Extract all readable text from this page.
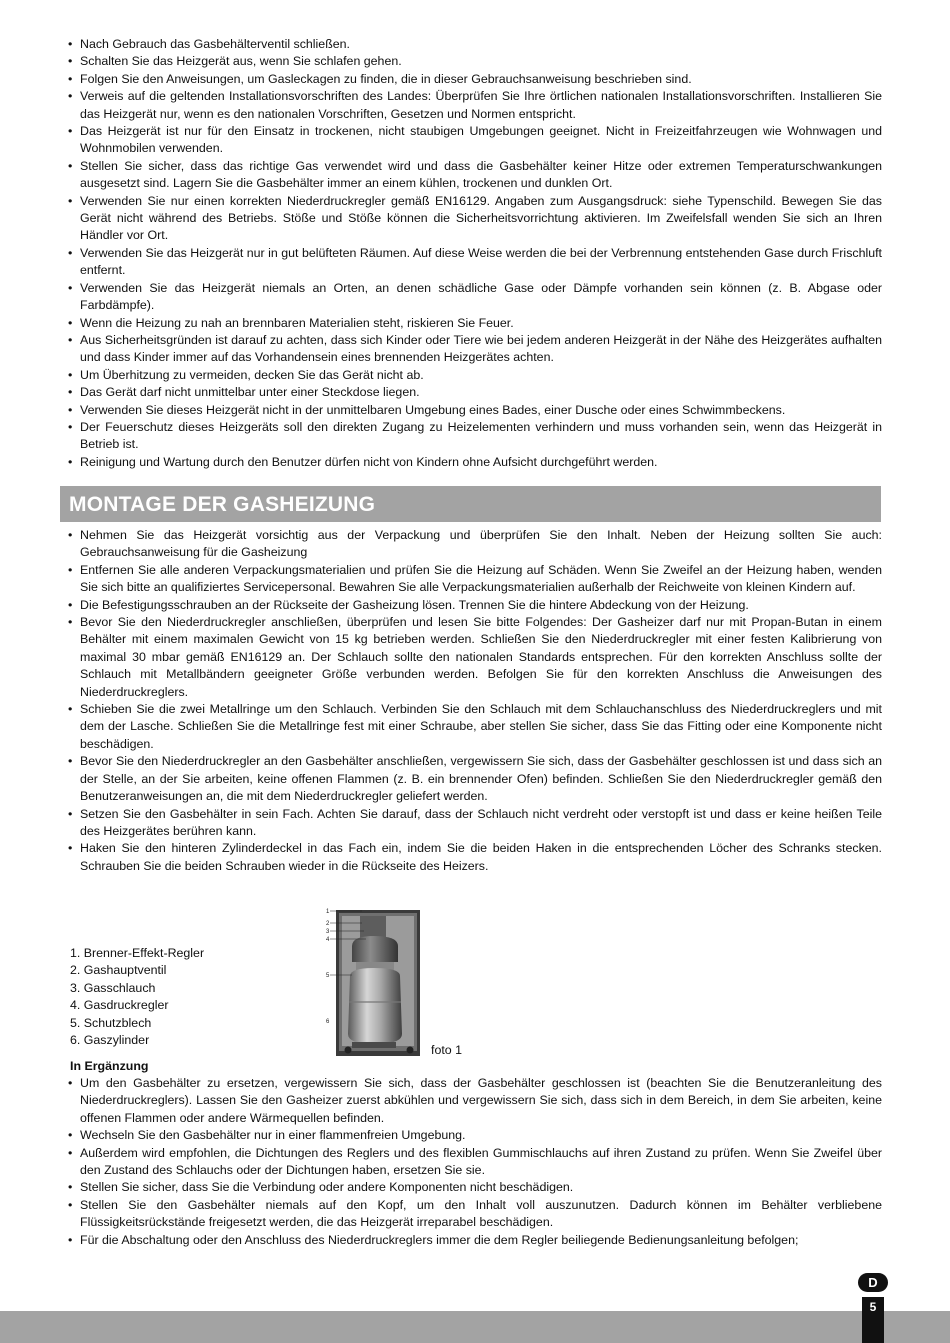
• Nach Gebrauch das Gasbehälterventil schließen.
• Schalten Sie das Heizgerät aus, wenn Sie schlafen gehen.
• Folgen Sie den Anweisungen, um Gasleckagen zu finden, die in dieser Gebrauchsanweisung beschrieben sind.
• Verweis auf die geltenden Installationsvorschriften des Landes: Überprüfen Sie Ihre örtlichen nationalen Installationsvorschriften. Installieren Sie das Heizgerät nur, wenn es den nationalen Vorschriften, Gesetzen und Normen entspricht.
• Das Heizgerät ist nur für den Einsatz in trockenen, nicht staubigen Umgebungen geeignet. Nicht in Freizeitfahrzeugen wie Wohnwagen und Wohnmobilen verwenden.
• Stellen Sie sicher, dass das richtige Gas verwendet wird und dass die Gasbehälter keiner Hitze oder extremen Temperaturschwankungen ausgesetzt sind. Lagern Sie die Gasbehälter immer an einem kühlen, trockenen und dunklen Ort.
• Verwenden Sie nur einen korrekten Niederdruckregler gemäß EN16129. Angaben zum Ausgangsdruck: siehe Typenschild. Bewegen Sie das Gerät nicht während des Betriebs. Stöße und Stöße können die Sicherheitsvorrichtung aktivieren. Im Zweifelsfall wenden Sie sich an Ihren Händler vor Ort.
• Verwenden Sie das Heizgerät nur in gut belüfteten Räumen. Auf diese Weise werden die bei der Verbrennung entstehenden Gase durch Frischluft entfernt.
• Verwenden Sie das Heizgerät niemals an Orten, an denen schädliche Gase oder Dämpfe vorhanden sein können (z. B. Abgase oder Farbdämpfe).
• Wenn die Heizung zu nah an brennbaren Materialien steht, riskieren Sie Feuer.
• Aus Sicherheitsgründen ist darauf zu achten, dass sich Kinder oder Tiere wie bei jedem anderen Heizgerät in der Nähe des Heizgerätes aufhalten und dass Kinder immer auf das Vorhandensein eines brennenden Heizgerätes achten.
• Um Überhitzung zu vermeiden, decken Sie das Gerät nicht ab.
• Das Gerät darf nicht unmittelbar unter einer Steckdose liegen.
• Verwenden Sie dieses Heizgerät nicht in der unmittelbaren Umgebung eines Bades, einer Dusche oder eines Schwimmbeckens.
• Der Feuerschutz dieses Heizgeräts soll den direkten Zugang zu Heizelementen verhindern und muss vorhanden sein, wenn das Heizgerät in Betrieb ist.
• Reinigung und Wartung durch den Benutzer dürfen nicht von Kindern ohne Aufsicht durchgeführt werden.
MONTAGE DER GASHEIZUNG
• Nehmen Sie das Heizgerät vorsichtig aus der Verpackung und überprüfen Sie den Inhalt. Neben der Heizung sollten Sie auch: Gebrauchsanweisung für die Gasheizung
• Entfernen Sie alle anderen Verpackungsmaterialien und prüfen Sie die Heizung auf Schäden. Wenn Sie Zweifel an der Heizung haben, wenden Sie sich bitte an qualifiziertes Servicepersonal. Bewahren Sie alle Verpackungsmaterialien außerhalb der Reichweite von kleinen Kindern auf.
• Die Befestigungsschrauben an der Rückseite der Gasheizung lösen. Trennen Sie die hintere Abdeckung von der Heizung.
• Bevor Sie den Niederdruckregler anschließen, überprüfen und lesen Sie bitte Folgendes: Der Gasheizer darf nur mit Propan-Butan in einem Behälter mit einem maximalen Gewicht von 15 kg betrieben werden. Schließen Sie den Niederdruckregler mit einer festen Kalibrierung von maximal 30 mbar gemäß EN16129 an. Der Schlauch sollte den nationalen Standards entsprechen. Für den korrekten Anschluss sollte der Schlauch mit Metallbändern geeigneter Größe verbunden werden. Befolgen Sie für den korrekten Anschluss die Anweisungen des Niederdruckreglers.
• Schieben Sie die zwei Metallringe um den Schlauch. Verbinden Sie den Schlauch mit dem Schlauchanschluss des Niederdruckreglers und mit dem der Lasche. Schließen Sie die Metallringe fest mit einer Schraube, aber stellen Sie sicher, dass Sie das Fitting oder eine Komponente nicht beschädigen.
• Bevor Sie den Niederdruckregler an den Gasbehälter anschließen, vergewissern Sie sich, dass der Gasbehälter geschlossen ist und dass sich an der Stelle, an der Sie arbeiten, keine offenen Flammen (z. B. ein brennender Ofen) befinden. Schließen Sie den Niederdruckregler gemäß den Benutzeranweisungen an, die mit dem Niederdruckregler geliefert werden.
• Setzen Sie den Gasbehälter in sein Fach. Achten Sie darauf, dass der Schlauch nicht verdreht oder verstopft ist und dass er keine heißen Teile des Heizgerätes berühren kann.
• Haken Sie den hinteren Zylinderdeckel in das Fach ein, indem Sie die beiden Haken in die entsprechenden Löcher des Schranks stecken. Schrauben Sie die beiden Schrauben wieder in die Rückseite des Heizers.
1. Brenner-Effekt-Regler
2. Gashauptventil
3. Gasschlauch
4. Gasdruckregler
5. Schutzblech
6. Gaszylinder
1
2
3
4
5
6
foto 1
In Ergänzung
• Um den Gasbehälter zu ersetzen, vergewissern Sie sich, dass der Gasbehälter geschlossen ist (beachten Sie die Benutzeranleitung des Niederdruckreglers). Lassen Sie den Gasheizer zuerst abkühlen und vergewissern Sie sich, dass sich in dem Bereich, in dem Sie arbeiten, keine offenen Flammen oder andere Wärmequellen befinden.
• Wechseln Sie den Gasbehälter nur in einer flammenfreien Umgebung.
• Außerdem wird empfohlen, die Dichtungen des Reglers und des flexiblen Gummischlauchs auf ihren Zustand zu prüfen. Wenn Sie Zweifel über den Zustand des Schlauchs oder der Dichtungen haben, ersetzen Sie sie.
• Stellen Sie sicher, dass Sie die Verbindung oder andere Komponenten nicht beschädigen.
• Stellen Sie den Gasbehälter niemals auf den Kopf, um den Inhalt voll auszunutzen. Dadurch können im Behälter verbliebene Flüssigkeitsrückstände freigesetzt werden, die das Heizgerät irreparabel beschädigen.
• Für die Abschaltung oder den Anschluss des Niederdruckreglers immer die dem Regler beiliegende Bedienungsanleitung befolgen;
D
5
